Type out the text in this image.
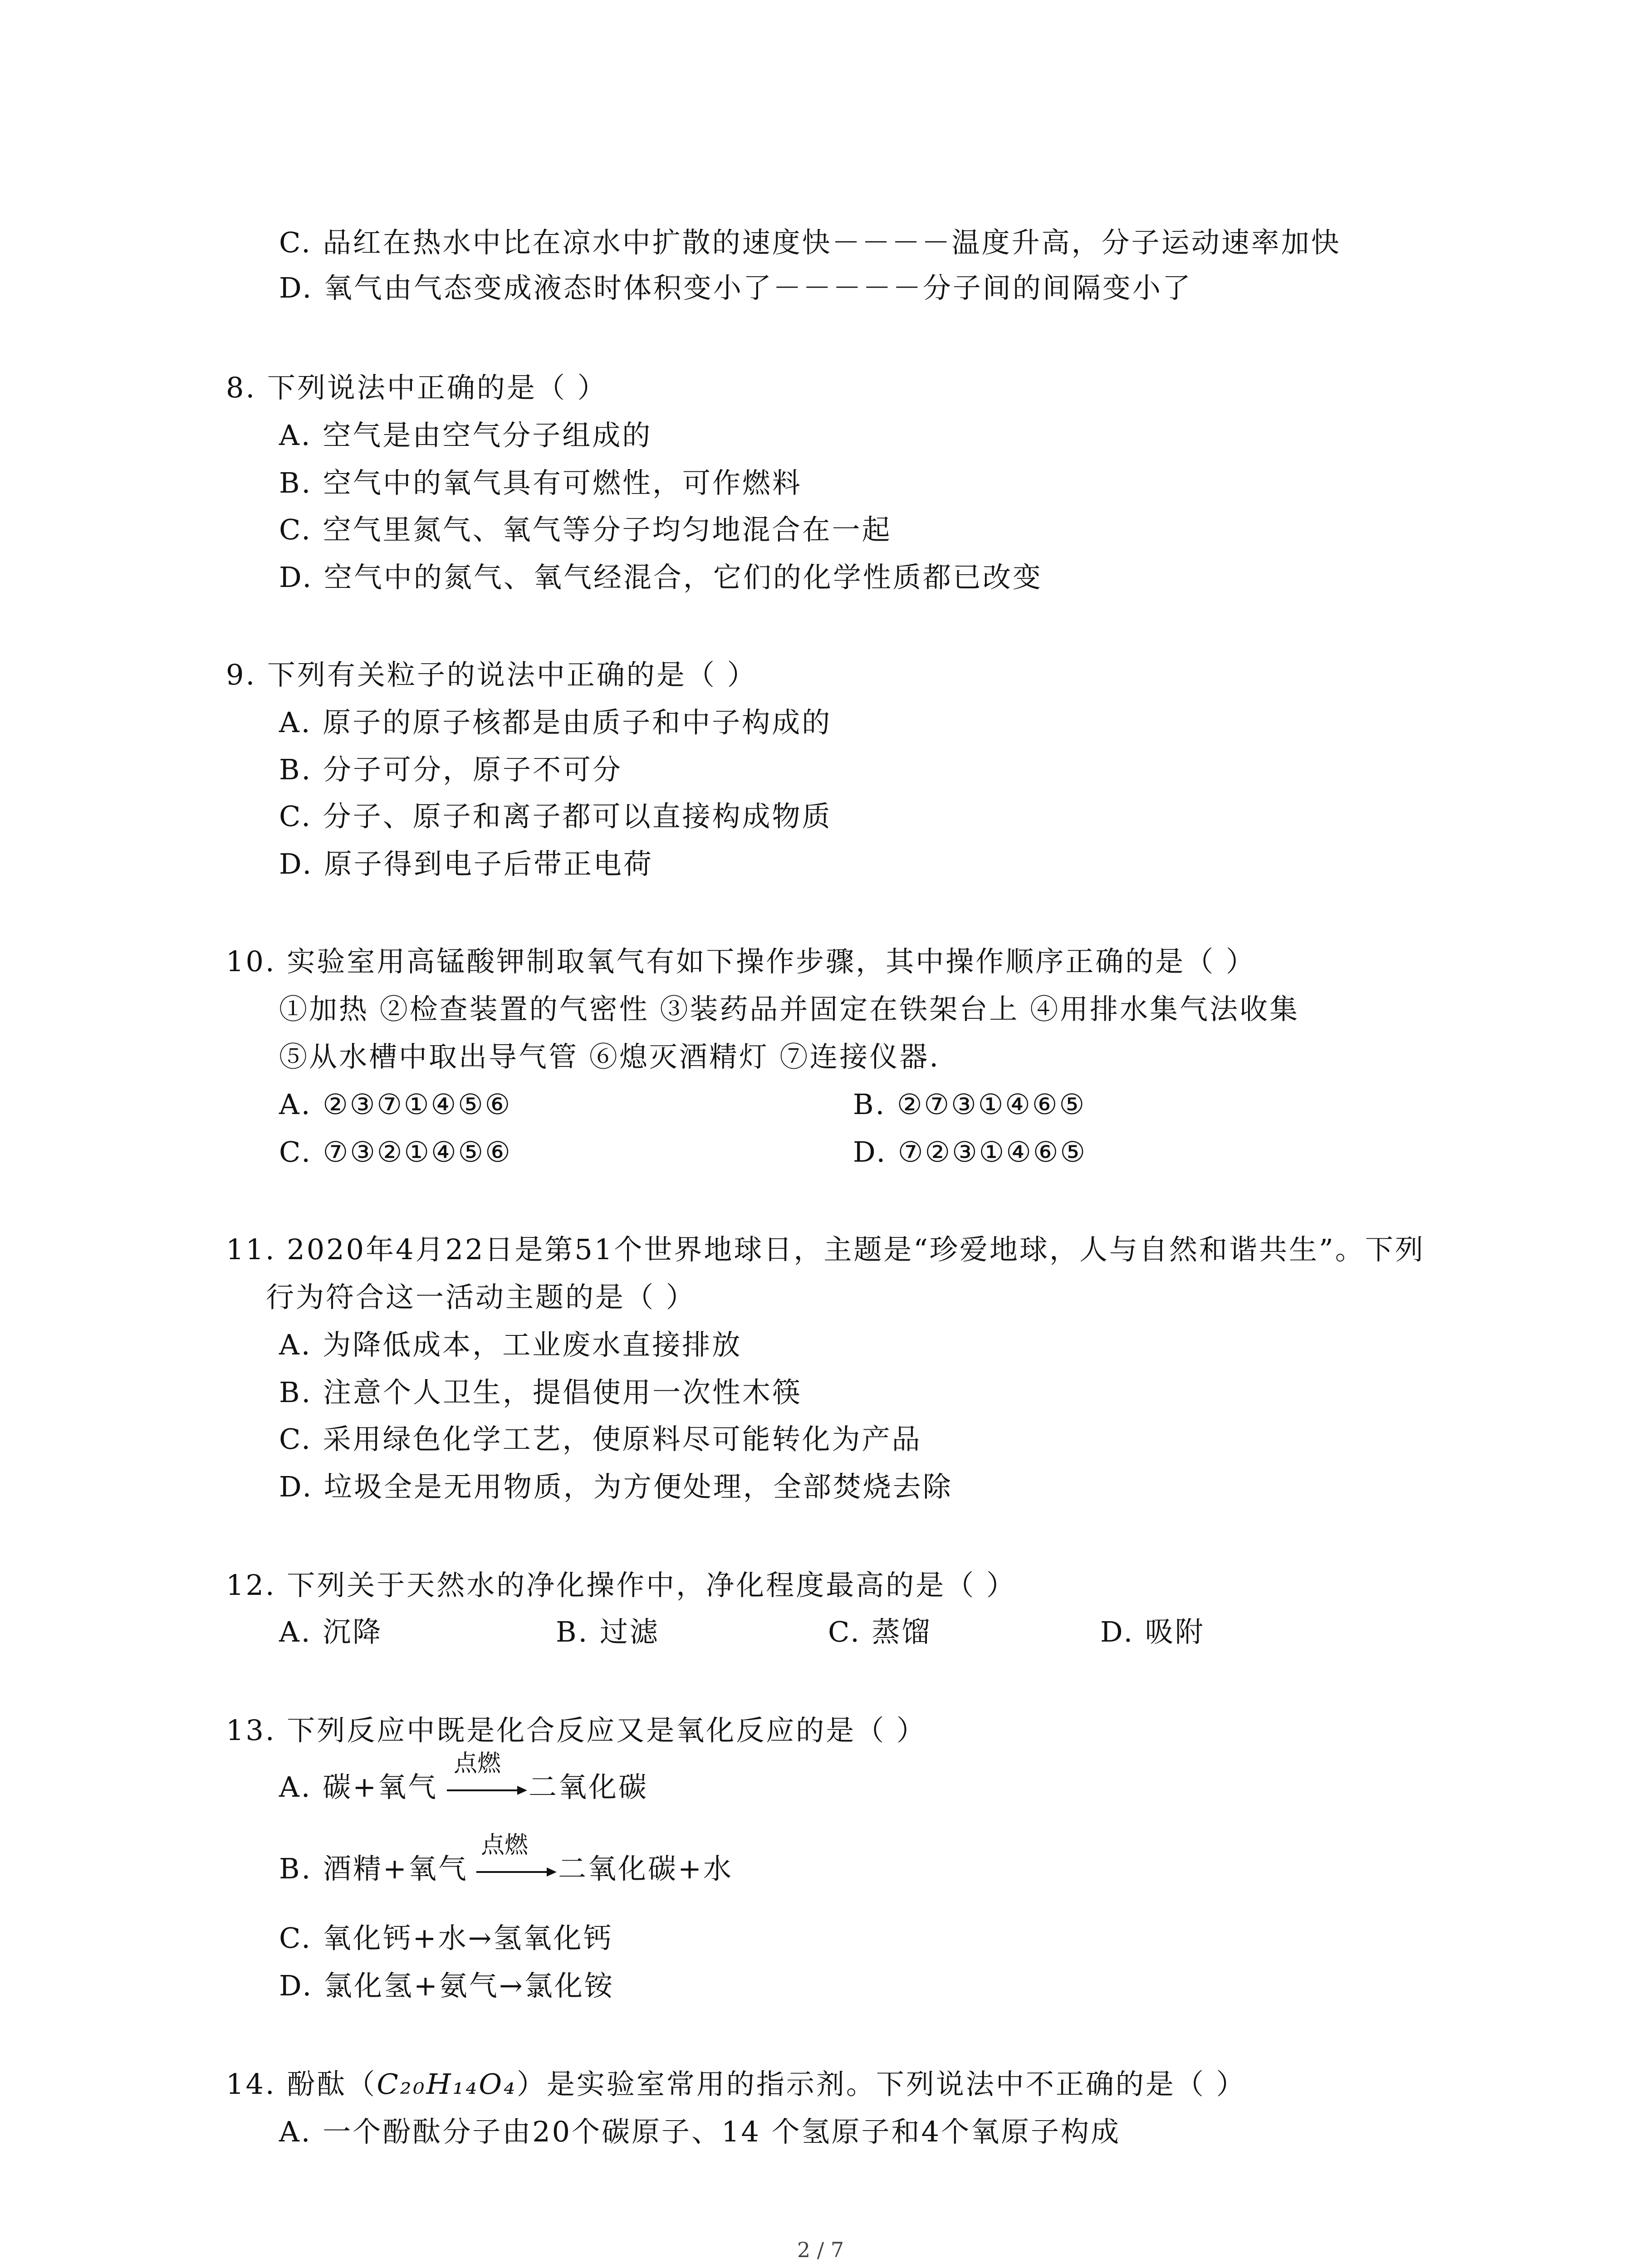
C. 品红在热水中比在凉水中扩散的速度快－－－－温度升高，分子运动速率加快
D. 氧气由气态变成液态时体积变小了－－－－－分子间的间隔变小了
8. 下列说法中正确的是（ ）
A. 空气是由空气分子组成的
B. 空气中的氧气具有可燃性，可作燃料
C. 空气里氮气、氧气等分子均匀地混合在一起
D. 空气中的氮气、氧气经混合，它们的化学性质都已改变
9. 下列有关粒子的说法中正确的是（ ）
A. 原子的原子核都是由质子和中子构成的
B. 分子可分，原子不可分
C. 分子、原子和离子都可以直接构成物质
D. 原子得到电子后带正电荷
10. 实验室用高锰酸钾制取氧气有如下操作步骤，其中操作顺序正确的是（ ）
①加热 ②检查装置的气密性 ③装药品并固定在铁架台上 ④用排水集气法收集
⑤从水槽中取出导气管 ⑥熄灭酒精灯 ⑦连接仪器.
A. ②③⑦①④⑤⑥	B. ②⑦③①④⑥⑤
C. ⑦③②①④⑤⑥	D. ⑦②③①④⑥⑤
11. 2020年4月22日是第51个世界地球日，主题是“珍爱地球，人与自然和谐共生”。下列
行为符合这一活动主题的是（ ）
A. 为降低成本，工业废水直接排放
B. 注意个人卫生，提倡使用一次性木筷
C. 采用绿色化学工艺，使原料尽可能转化为产品
D. 垃圾全是无用物质，为方便处理，全部焚烧去除
12. 下列关于天然水的净化操作中，净化程度最高的是（ ）
A. 沉降	B. 过滤	C. 蒸馏	D. 吸附
13. 下列反应中既是化合反应又是氧化反应的是（ ）
A. 碳+氧气
点燃
二氧化碳
B. 酒精+氧气
点燃
二氧化碳+水
C. 氧化钙+水→氢氧化钙
D. 氯化氢+氨气→氯化铵
14. 酚酞（C₂₀H₁₄O₄）是实验室常用的指示剂。下列说法中不正确的是（ ）
A. 一个酚酞分子由20个碳原子、14 个氢原子和4个氧原子构成
2 / 7
